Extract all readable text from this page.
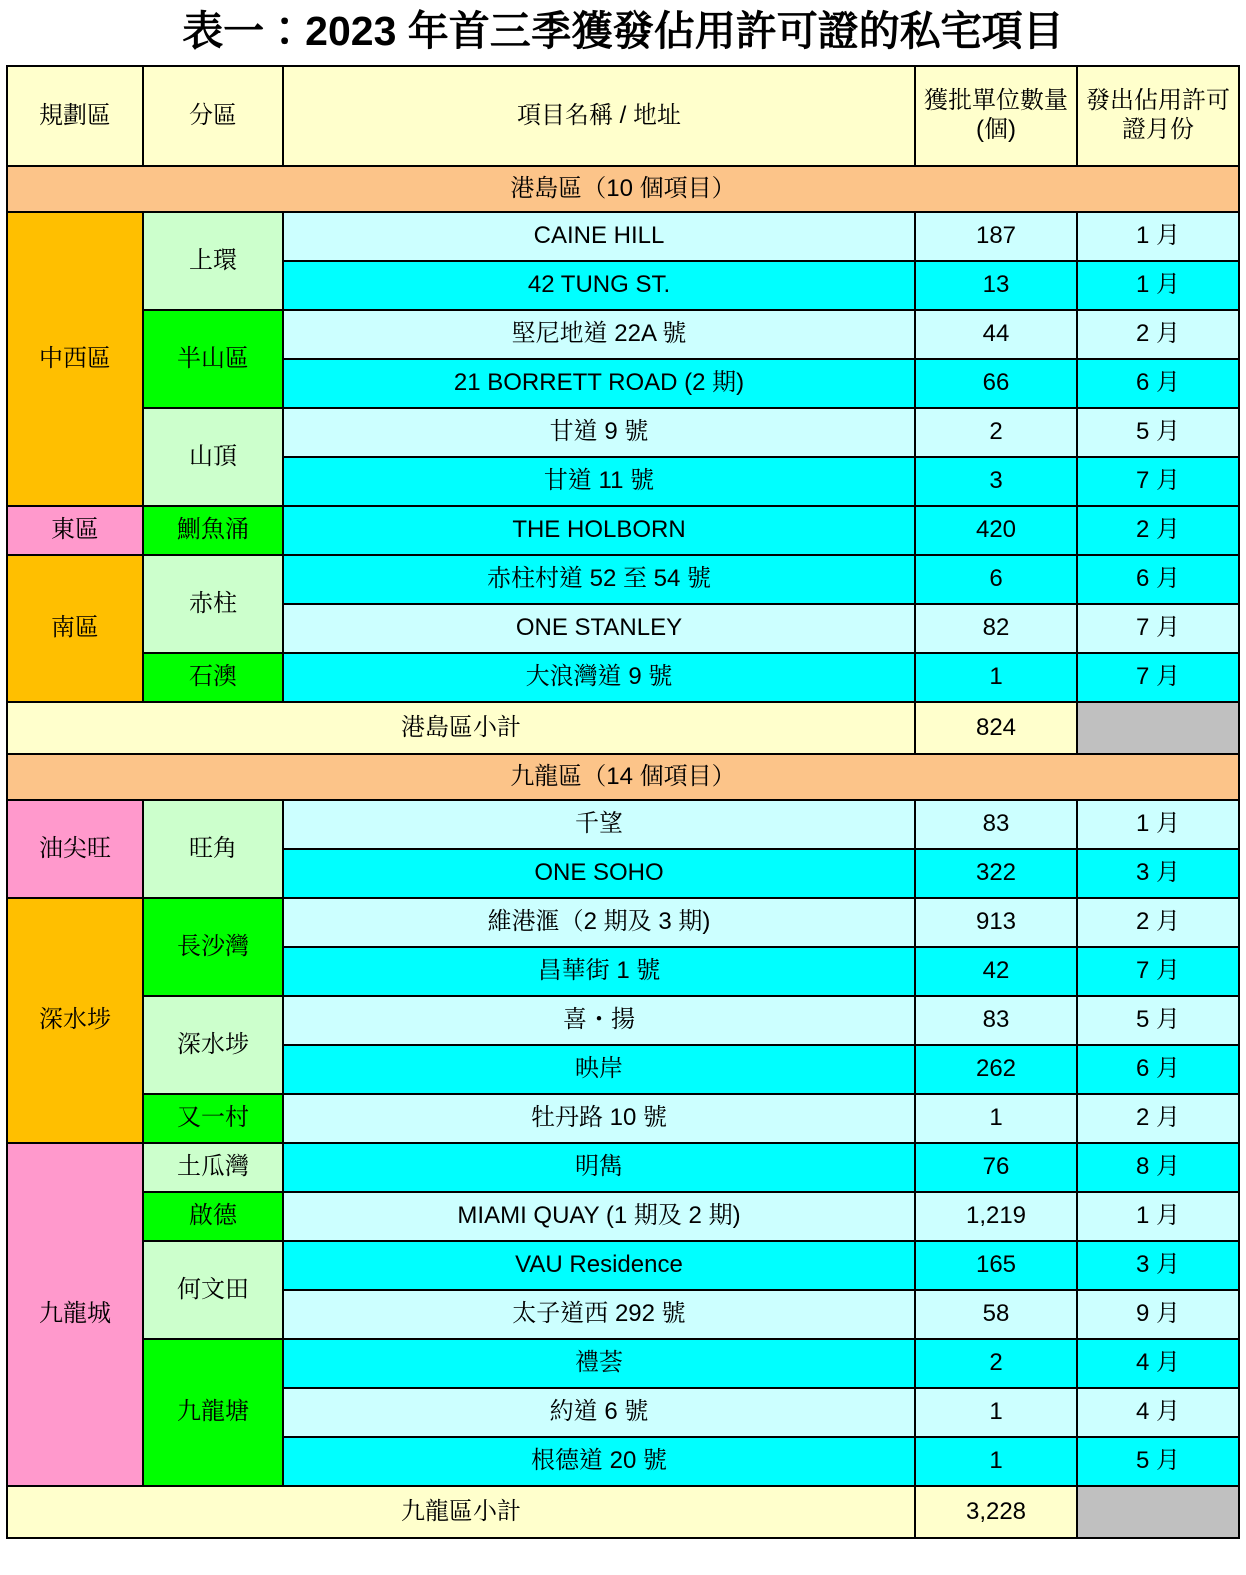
表一：2023 年首三季獲發佔用許可證的私宅項目
規劃區	分區	項目名稱 / 地址	獲批單位數量(個)	發出佔用許可證月份
港島區（10 個項目）				
中西區	上環	CAINE HILL	187	1 月
		42 TUNG ST.	13	1 月
	半山區	堅尼地道 22A 號	44	2 月
		21 BORRETT ROAD (2 期)	66	6 月
	山頂	甘道 9 號	2	5 月
		甘道 11 號	3	7 月
東區	鰂魚涌	THE HOLBORN	420	2 月
南區	赤柱	赤柱村道 52 至 54 號	6	6 月
		ONE STANLEY	82	7 月
	石澳	大浪灣道 9 號	1	7 月
港島區小計			824	
九龍區（14 個項目）				
油尖旺	旺角	千望	83	1 月
		ONE SOHO	322	3 月
深水埗	長沙灣	維港滙（2 期及 3 期)	913	2 月
		昌華街 1 號	42	7 月
	深水埗	喜・揚	83	5 月
		映岸	262	6 月
	又一村	牡丹路 10 號	1	2 月
九龍城	土瓜灣	明雋	76	8 月
	啟德	MIAMI QUAY (1 期及 2 期)	1,219	1 月
	何文田	VAU Residence	165	3 月
		太子道西 292 號	58	9 月
	九龍塘	禮荟	2	4 月
		約道 6 號	1	4 月
		根德道 20 號	1	5 月
九龍區小計			3,228	
